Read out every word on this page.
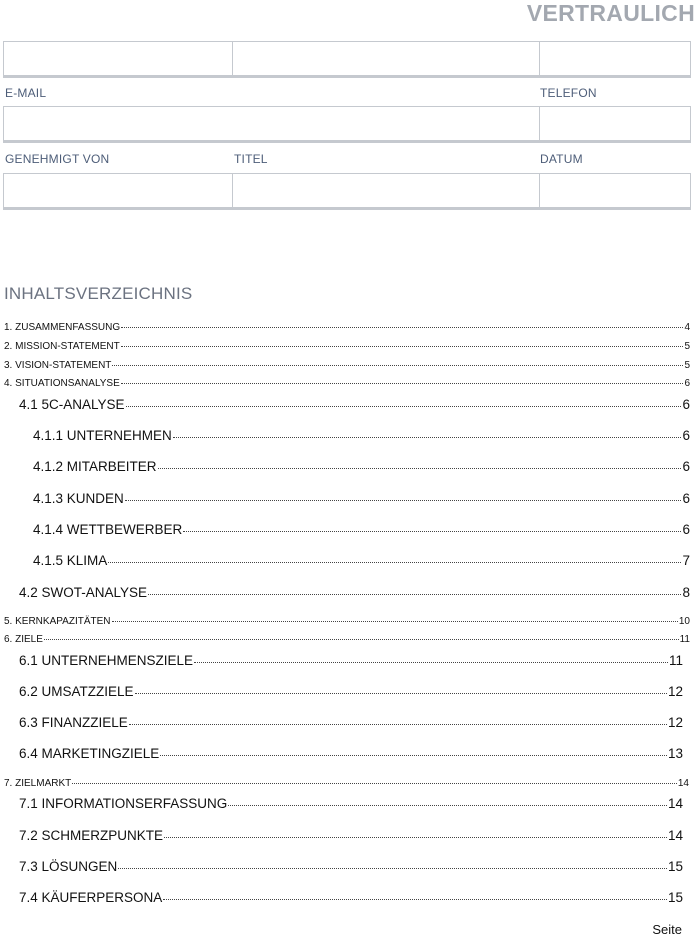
VERTRAULICH
E-MAIL	TELEFON
GENEHMIGT VON	TITEL	DATUM
INHALTSVERZEICHNIS
1. ZUSAMMENFASSUNG	4
2. MISSION-STATEMENT	5
3. VISION-STATEMENT	5
4. SITUATIONSANALYSE	6
4.1 5C-ANALYSE	6
4.1.1 UNTERNEHMEN	6
4.1.2 MITARBEITER	6
4.1.3 KUNDEN	6
4.1.4 WETTBEWERBER	6
4.1.5 KLIMA	7
4.2 SWOT-ANALYSE	8
5. KERNKAPAZITÄTEN	10
6. ZIELE	11
6.1 UNTERNEHMENSZIELE	11
6.2 UMSATZZIELE	12
6.3 FINANZZIELE	12
6.4 MARKETINGZIELE	13
7. ZIELMARKT	14
7.1 INFORMATIONSERFASSUNG	14
7.2 SCHMERZPUNKTE	14
7.3 LÖSUNGEN	15
7.4 KÄUFERPERSONA	15
Seite
